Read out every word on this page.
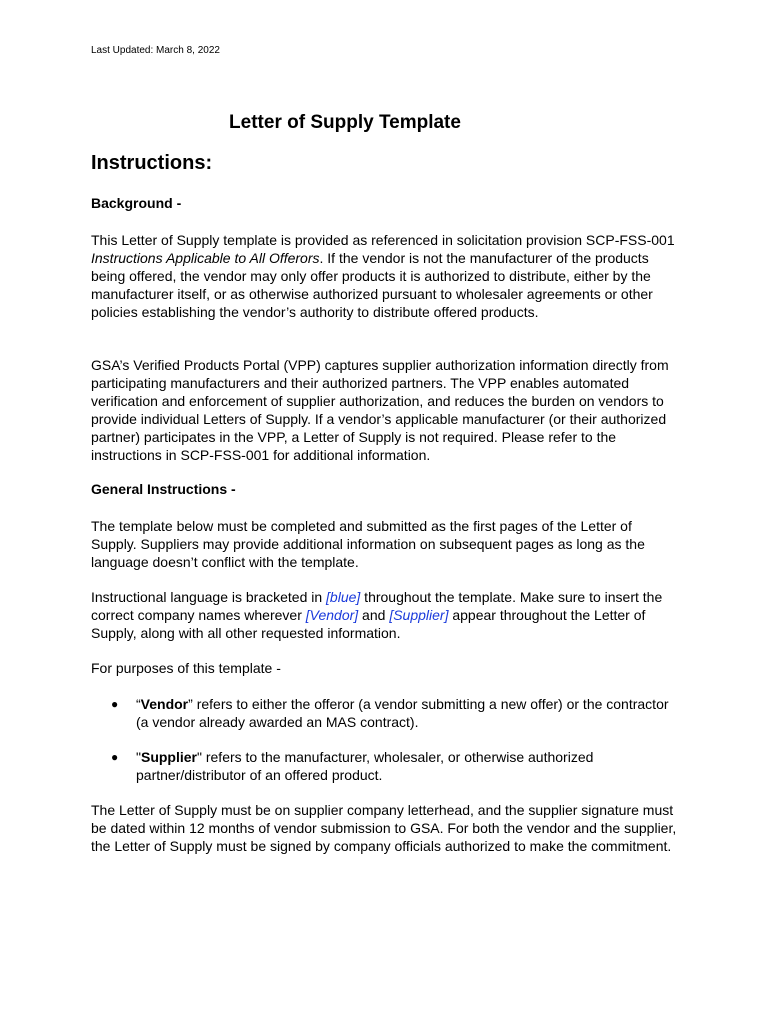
Last Updated: March 8, 2022
Letter of Supply Template
Instructions:
Background -

This Letter of Supply template is provided as referenced in solicitation provision SCP-FSS-001 Instructions Applicable to All Offerors. If the vendor is not the manufacturer of the products being offered, the vendor may only offer products it is authorized to distribute, either by the manufacturer itself, or as otherwise authorized pursuant to wholesaler agreements or other policies establishing the vendor’s authority to distribute offered products.

GSA’s Verified Products Portal (VPP) captures supplier authorization information directly from participating manufacturers and their authorized partners. The VPP enables automated verification and enforcement of supplier authorization, and reduces the burden on vendors to provide individual Letters of Supply. If a vendor’s applicable manufacturer (or their authorized partner) participates in the VPP, a Letter of Supply is not required. Please refer to the instructions in SCP-FSS-001 for additional information.

General Instructions -

The template below must be completed and submitted as the first pages of the Letter of Supply. Suppliers may provide additional information on subsequent pages as long as the language doesn’t conflict with the template.

Instructional language is bracketed in [blue] throughout the template. Make sure to insert the correct company names wherever [Vendor] and [Supplier] appear throughout the Letter of Supply, along with all other requested information.

For purposes of this template -

● “Vendor” refers to either the offeror (a vendor submitting a new offer) or the contractor (a vendor already awarded an MAS contract).
● "Supplier" refers to the manufacturer, wholesaler, or otherwise authorized partner/distributor of an offered product.

The Letter of Supply must be on supplier company letterhead, and the supplier signature must be dated within 12 months of vendor submission to GSA. For both the vendor and the supplier, the Letter of Supply must be signed by company officials authorized to make the commitment.
